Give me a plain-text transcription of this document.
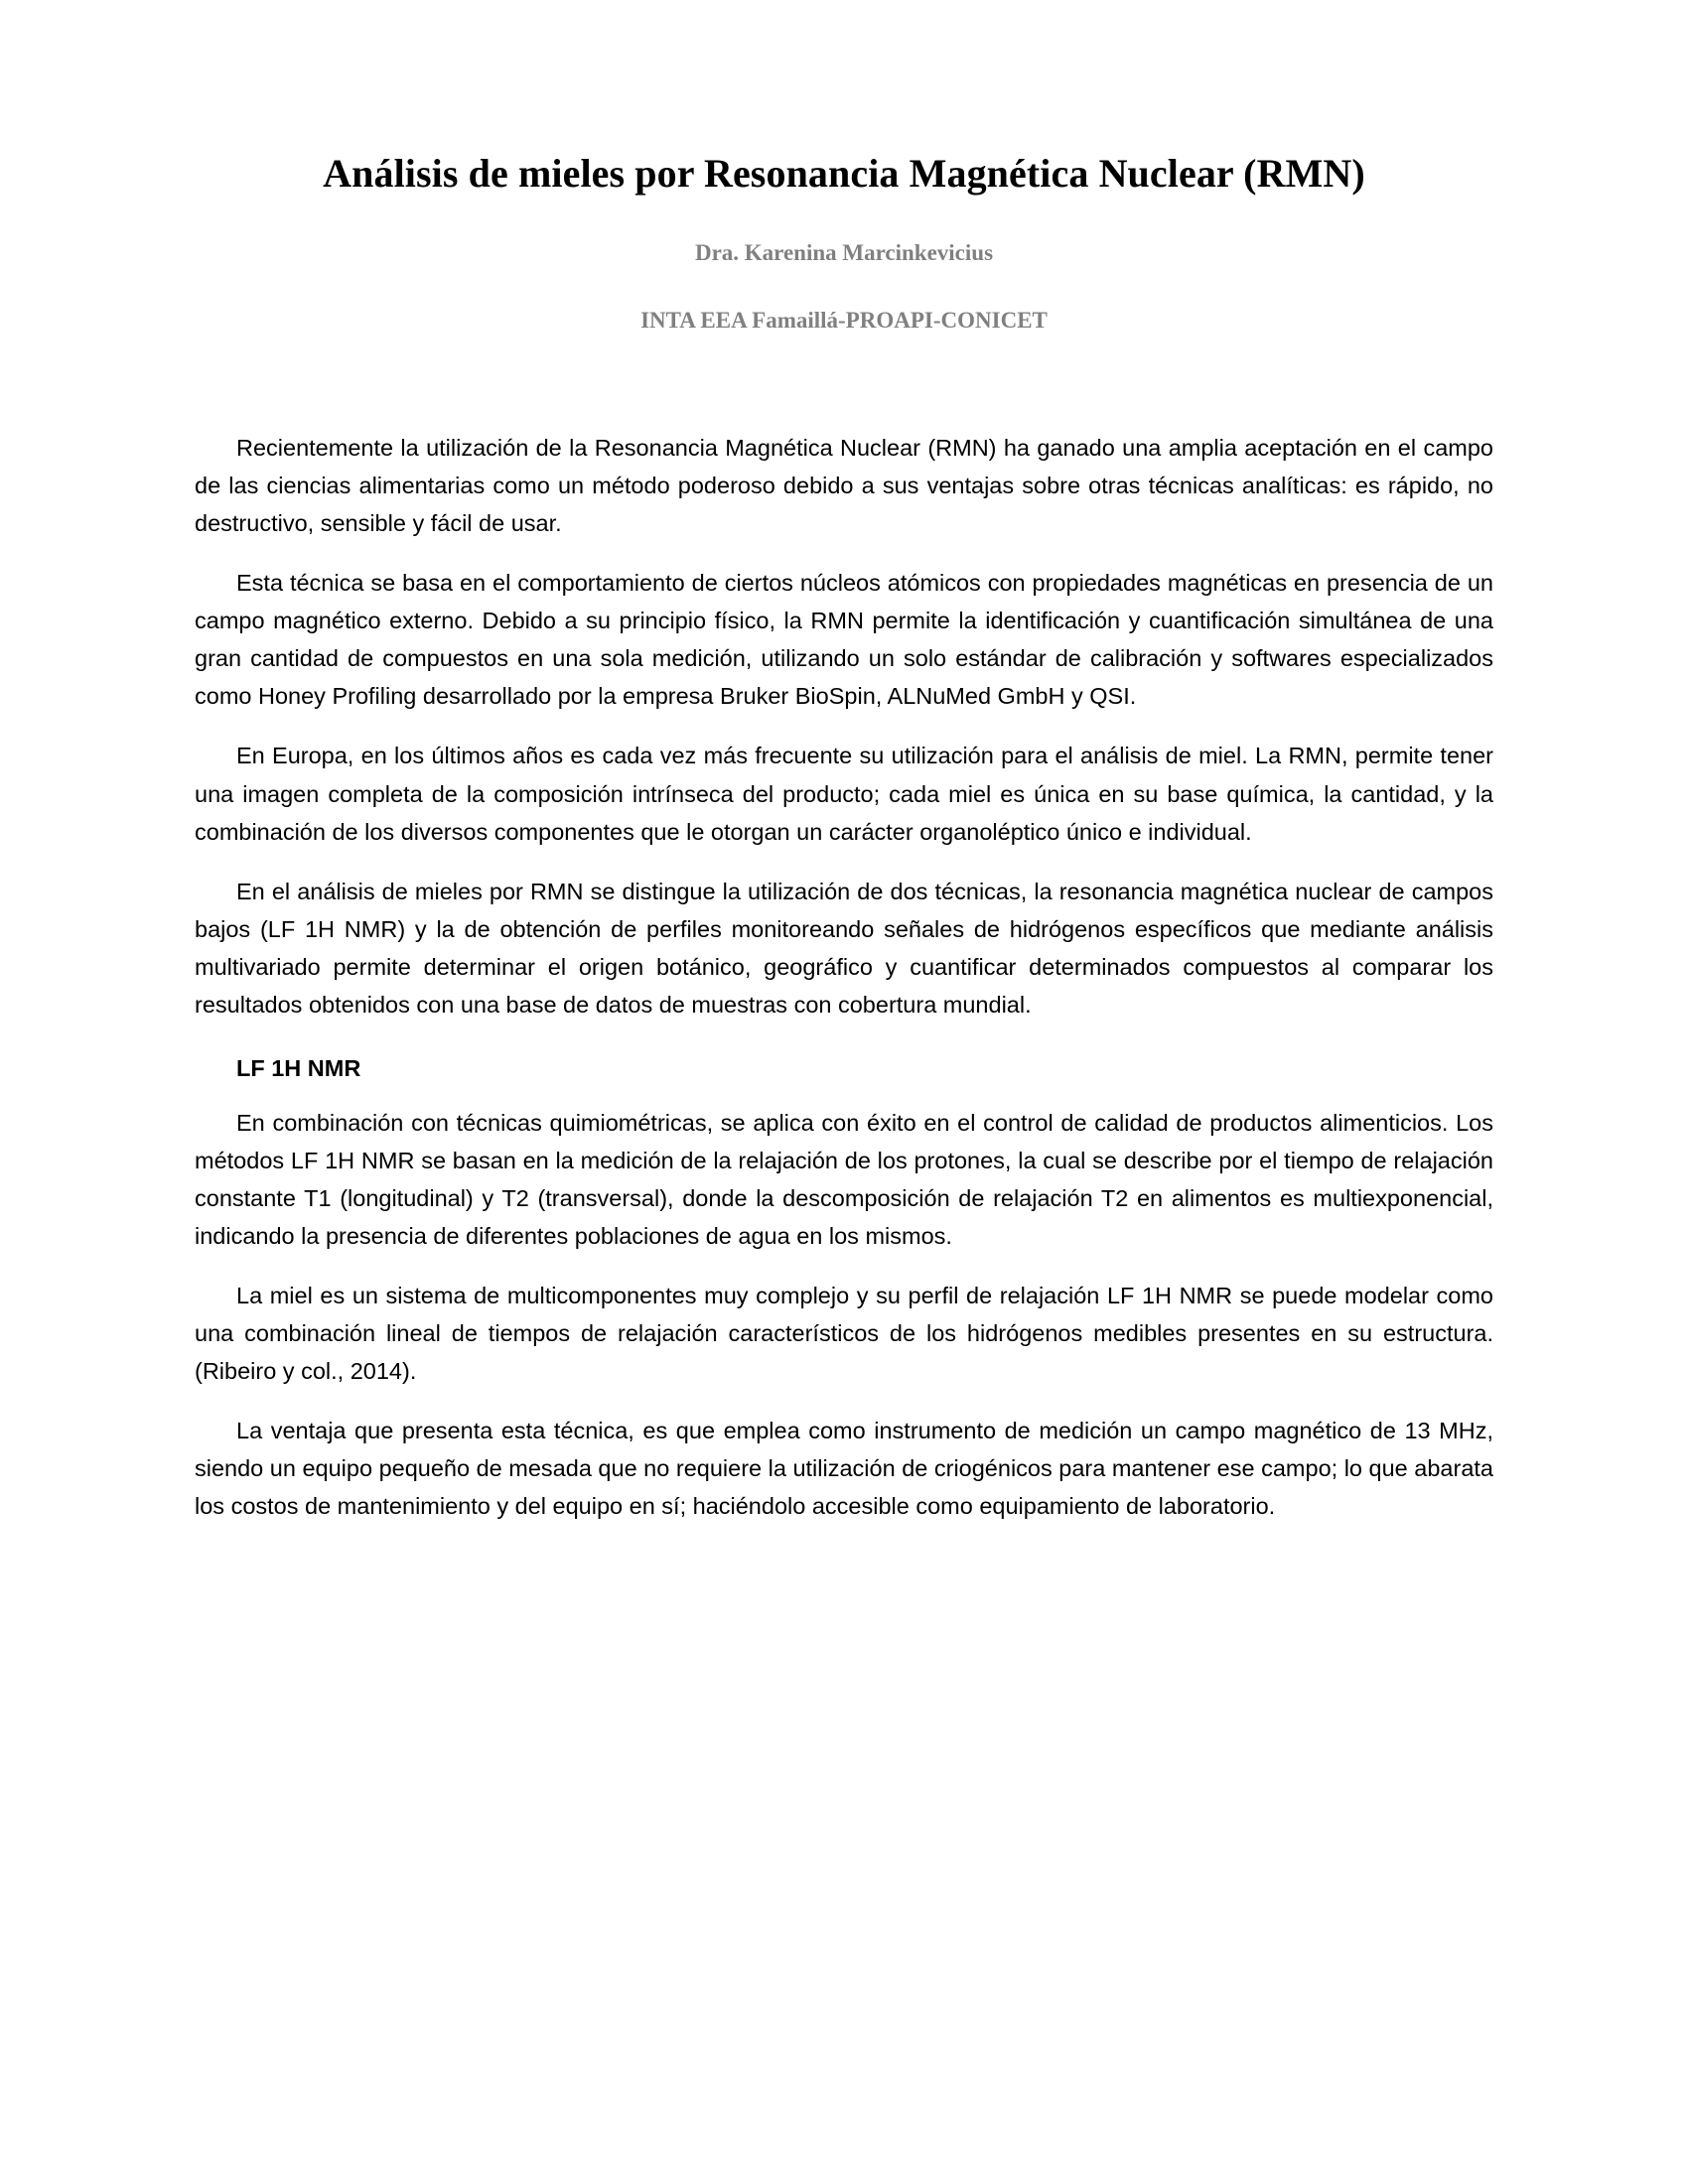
Análisis de mieles por Resonancia Magnética Nuclear (RMN)
Dra. Karenina Marcinkevicius
INTA EEA Famaillá-PROAPI-CONICET

Recientemente la utilización de la Resonancia Magnética Nuclear (RMN) ha ganado una amplia aceptación en el campo de las ciencias alimentarias como un método poderoso debido a sus ventajas sobre otras técnicas analíticas: es rápido, no destructivo, sensible y fácil de usar.

Esta técnica se basa en el comportamiento de ciertos núcleos atómicos con propiedades magnéticas en presencia de un campo magnético externo. Debido a su principio físico, la RMN permite la identificación y cuantificación simultánea de una gran cantidad de compuestos en una sola medición, utilizando un solo estándar de calibración y softwares especializados como Honey Profiling desarrollado por la empresa Bruker BioSpin, ALNuMed GmbH y QSI.

En Europa, en los últimos años es cada vez más frecuente su utilización para el análisis de miel. La RMN, permite tener una imagen completa de la composición intrínseca del producto; cada miel es única en su base química, la cantidad, y la combinación de los diversos componentes que le otorgan un carácter organoléptico único e individual.

En el análisis de mieles por RMN se distingue la utilización de dos técnicas, la resonancia magnética nuclear de campos bajos (LF 1H NMR) y la de obtención de perfiles monitoreando señales de hidrógenos específicos que mediante análisis multivariado permite determinar el origen botánico, geográfico y cuantificar determinados compuestos al comparar los resultados obtenidos con una base de datos de muestras con cobertura mundial.

LF 1H NMR

En combinación con técnicas quimiométricas, se aplica con éxito en el control de calidad de productos alimenticios. Los métodos LF 1H NMR se basan en la medición de la relajación de los protones, la cual se describe por el tiempo de relajación constante T1 (longitudinal) y T2 (transversal), donde la descomposición de relajación T2 en alimentos es multiexponencial, indicando la presencia de diferentes poblaciones de agua en los mismos.

La miel es un sistema de multicomponentes muy complejo y su perfil de relajación LF 1H NMR se puede modelar como una combinación lineal de tiempos de relajación característicos de los hidrógenos medibles presentes en su estructura. (Ribeiro y col., 2014).

La ventaja que presenta esta técnica, es que emplea como instrumento de medición un campo magnético de 13 MHz, siendo un equipo pequeño de mesada que no requiere la utilización de criogénicos para mantener ese campo; lo que abarata los costos de mantenimiento y del equipo en sí; haciéndolo accesible como equipamiento de laboratorio.
